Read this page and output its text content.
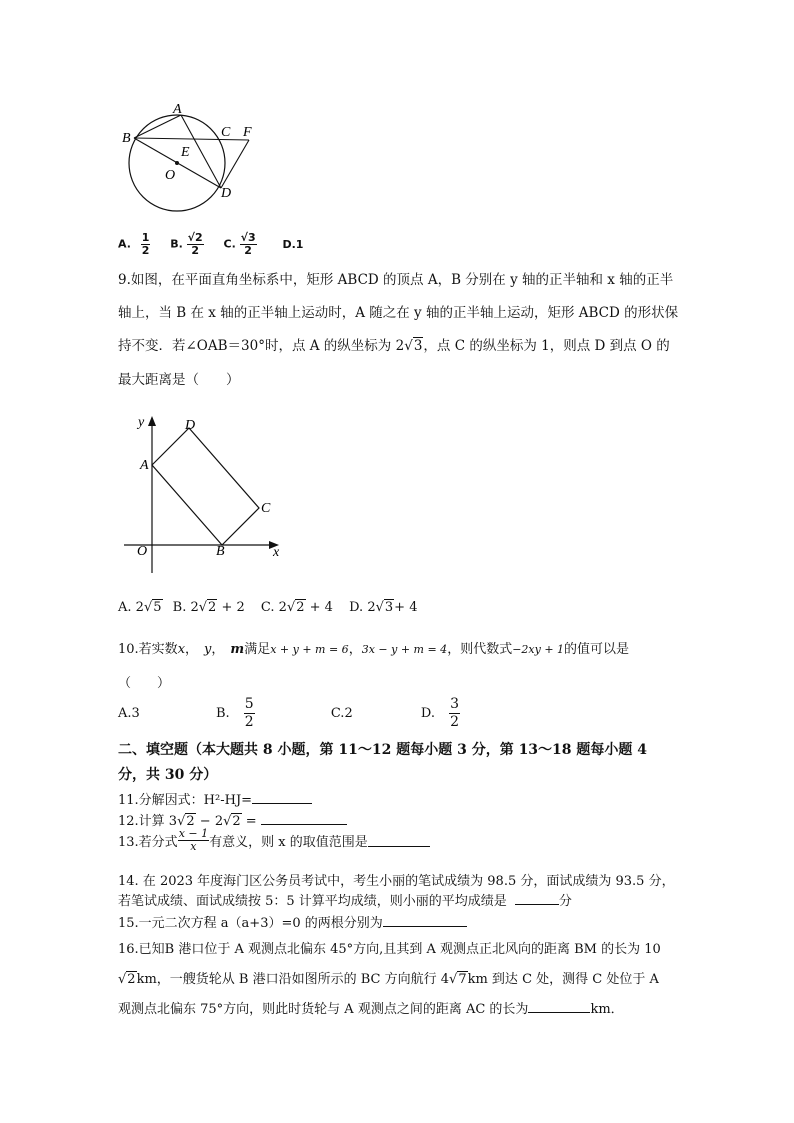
A
B	C F
E
O
D
A. $\frac{1}{2} B$. $\frac{√2}{2} C$. $\frac{√3}{2} D.1$
9.如图，在平面直角坐标系中，矩形 ABCD 的顶点 A，B 分别在 y 轴的正半轴和 x 轴的正半
轴上，当 B 在 x 轴的正半轴上运动时，A 随之在 y 轴的正半轴上运动，矩形 ABCD 的形状保
持不变．若∠OAB＝30°时，点 A 的纵坐标为 2√3，点 C 的纵坐标为 1，则点 D 到点 O 的
最大距离是（　　）
y	D
A
C
O	B	x
A. 2√5 B. 2√2 + 2 C. 2√2 + 4 D. 2√3+ 4
10.若实数x， y， m满足x + y + m = 6，3x − y + m = 4，则代数式−2xy + 1的值可以是
（　　）
A.3	B. $\frac{5}{2}$	C.2	D. $\frac{3}{2}$
二、填空题（本大题共 8 小题，第 11～12 题每小题 3 分，第 13～18 题每小题 4
分，共 30 分）
11.分解因式：H²-HJ=
12.计算 3√2 − 2√2 =
13.若分式 $\frac{x - 1}{x}$ 有意义，则 x 的取值范围是
14. 在 2023 年度海门区公务员考试中，考生小丽的笔试成绩为 98.5 分，面试成绩为 93.5 分，
若笔试成绩、面试成绩按 5：5 计算平均成绩，则小丽的平均成绩是	分
15.一元二次方程 a（a+3）=0 的两根分别为
16.已知B 港口位于 A 观测点北偏东 45°方向,且其到 A 观测点正北风向的距离 BM 的长为 10
√2km，一艘货轮从 B 港口沿如图所示的 BC 方向航行 4√7km 到达 C 处，测得 C 处位于 A
观测点北偏东 75°方向，则此时货轮与 A 观测点之间的距离 AC 的长为	km．
